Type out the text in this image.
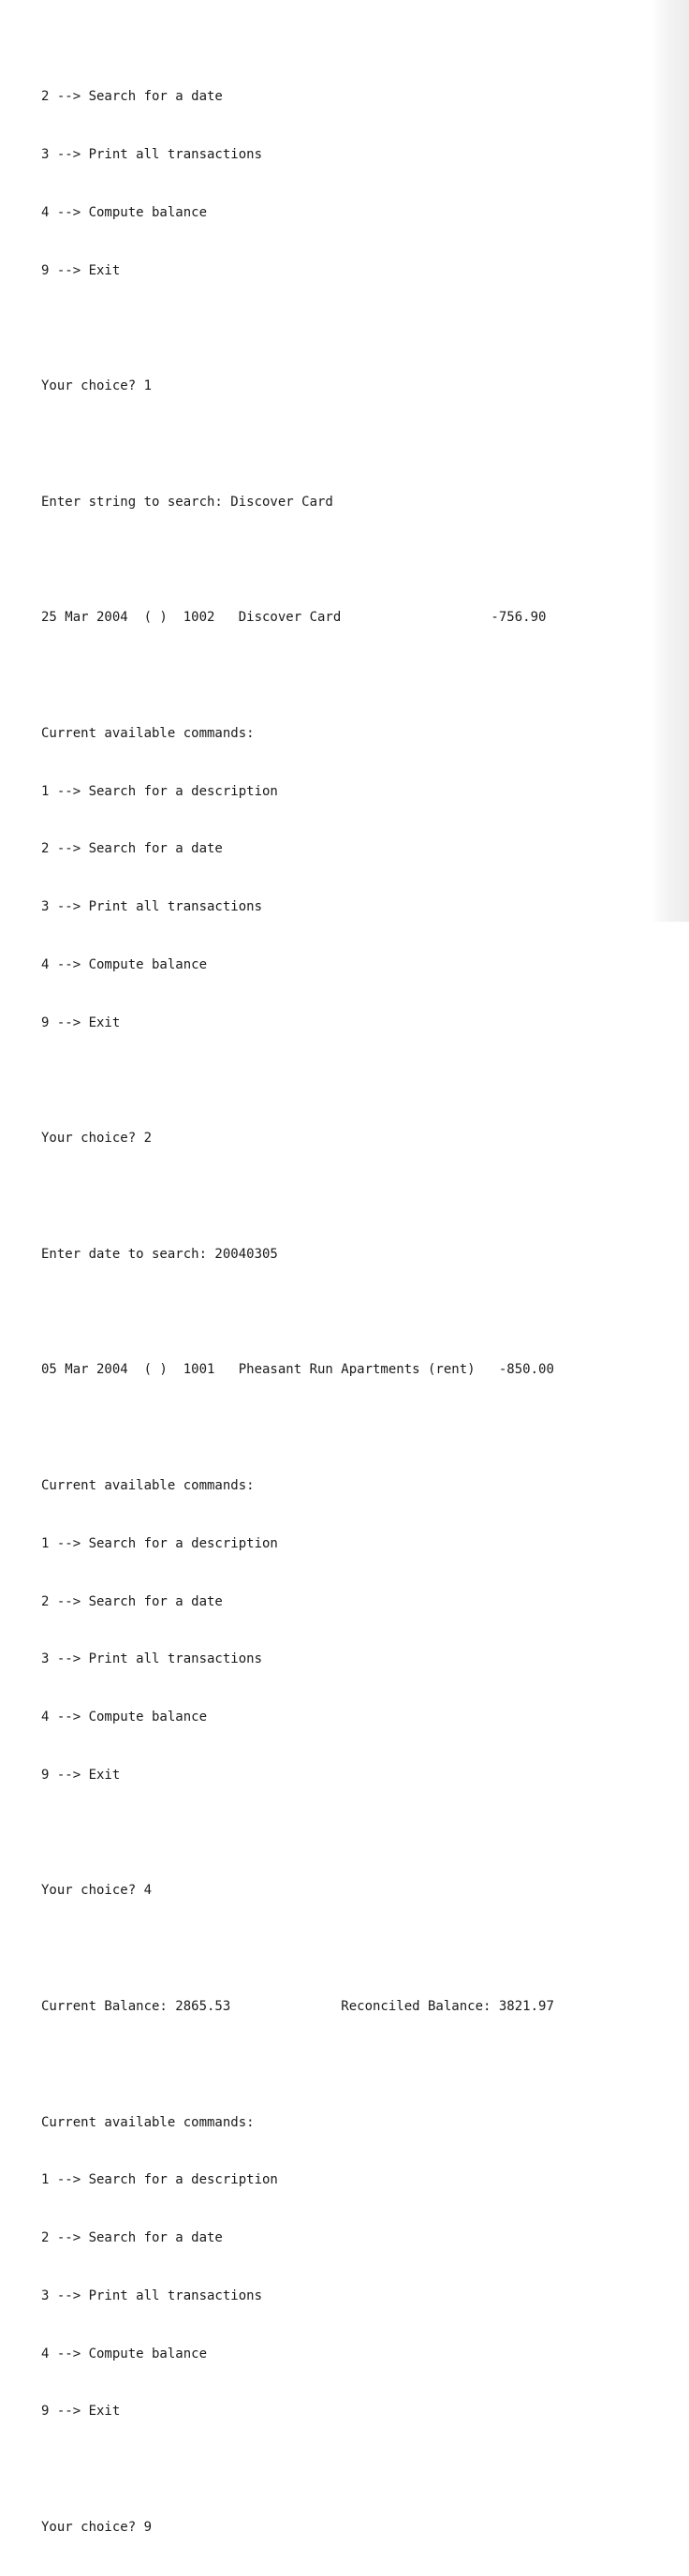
2 --> Search for a date

3 --> Print all transactions

4 --> Compute balance

9 --> Exit

Your choice? 1

Enter string to search: Discover Card

25 Mar 2004  ( )  1002   Discover Card                   -756.90

Current available commands:

1 --> Search for a description

2 --> Search for a date

3 --> Print all transactions

4 --> Compute balance

9 --> Exit

Your choice? 2

Enter date to search: 20040305

05 Mar 2004  ( )  1001   Pheasant Run Apartments (rent)   -850.00

Current available commands:

1 --> Search for a description

2 --> Search for a date

3 --> Print all transactions

4 --> Compute balance

9 --> Exit

Your choice? 4

Current Balance: 2865.53              Reconciled Balance: 3821.97

Current available commands:

1 --> Search for a description

2 --> Search for a date

3 --> Print all transactions

4 --> Compute balance

9 --> Exit

Your choice? 9
